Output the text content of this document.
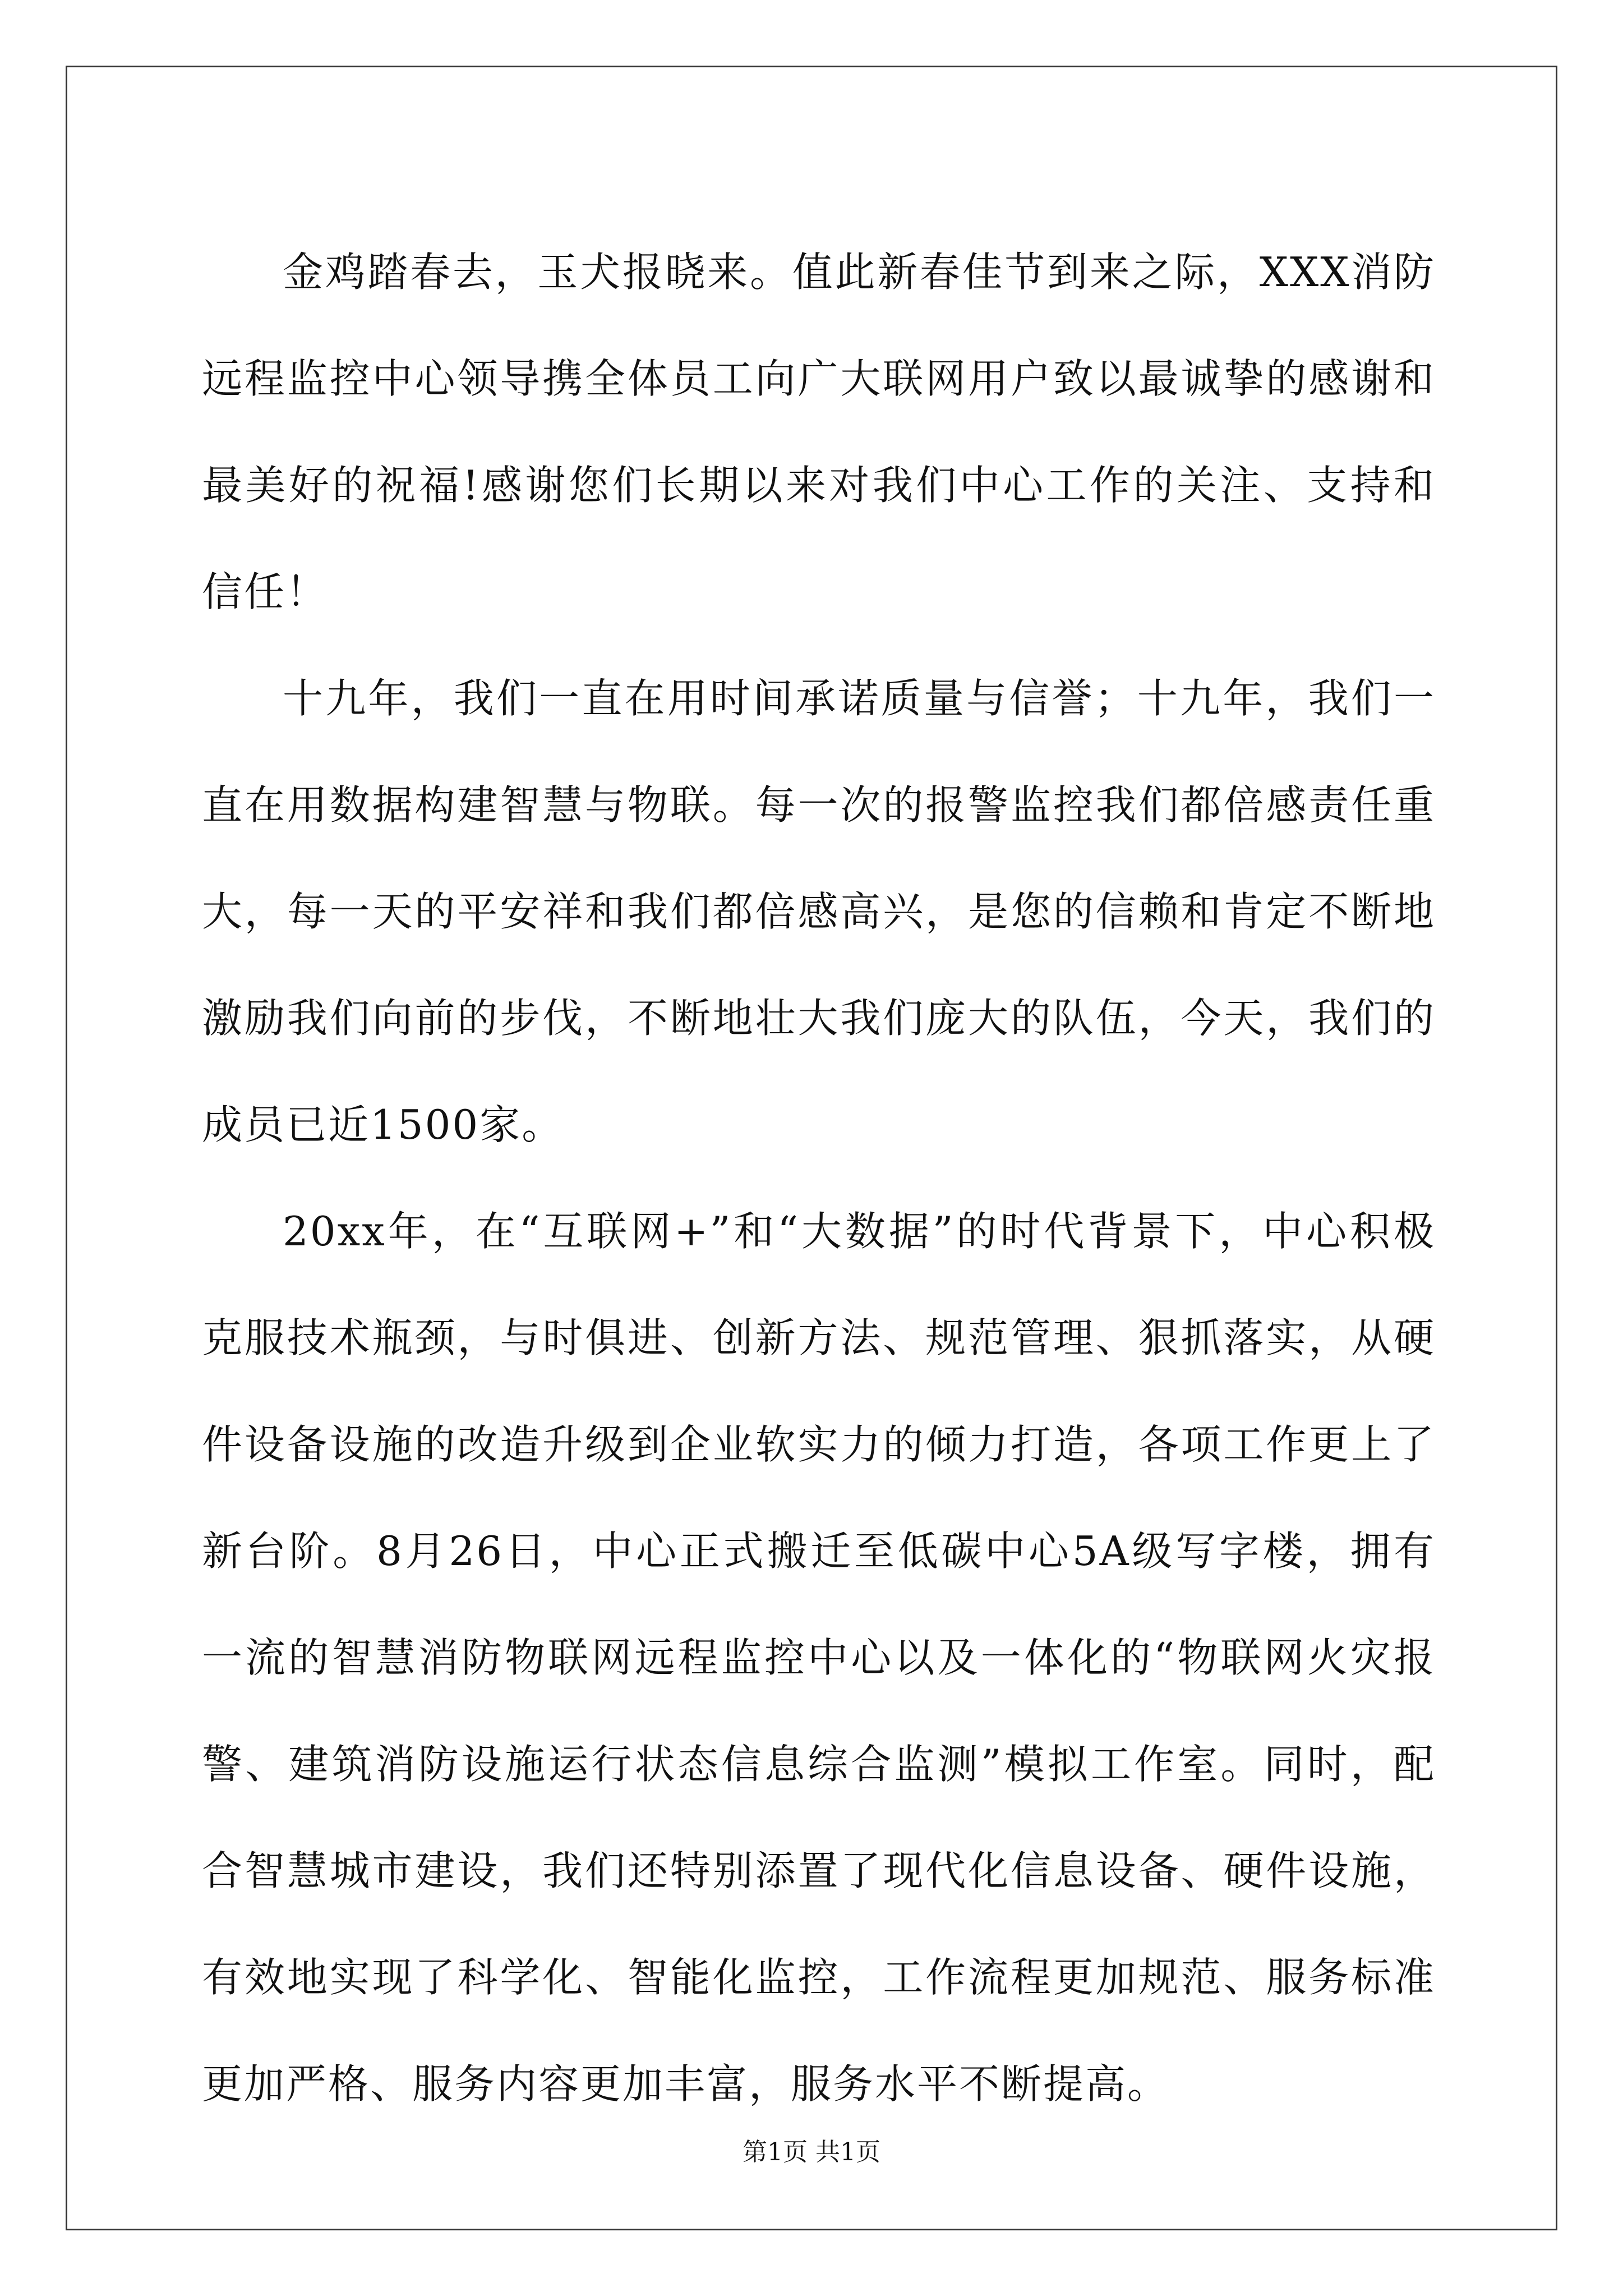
金鸡踏春去，玉犬报晓来。值此新春佳节到来之际，XXX消防远程监控中心领导携全体员工向广大联网用户致以最诚挚的感谢和最美好的祝福!感谢您们长期以来对我们中心工作的关注、支持和信任！

十九年，我们一直在用时间承诺质量与信誉；十九年，我们一直在用数据构建智慧与物联。每一次的报警监控我们都倍感责任重大，每一天的平安祥和我们都倍感高兴，是您的信赖和肯定不断地激励我们向前的步伐，不断地壮大我们庞大的队伍，今天，我们的成员已近1500家。

20xx年，在“互联网+”和“大数据”的时代背景下，中心积极克服技术瓶颈，与时俱进、创新方法、规范管理、狠抓落实，从硬件设备设施的改造升级到企业软实力的倾力打造，各项工作更上了新台阶。8月26日，中心正式搬迁至低碳中心5A级写字楼，拥有一流的智慧消防物联网远程监控中心以及一体化的“物联网火灾报警、建筑消防设施运行状态信息综合监测”模拟工作室。同时，配合智慧城市建设，我们还特别添置了现代化信息设备、硬件设施，有效地实现了科学化、智能化监控，工作流程更加规范、服务标准更加严格、服务内容更加丰富，服务水平不断提高。

第1页 共1页
